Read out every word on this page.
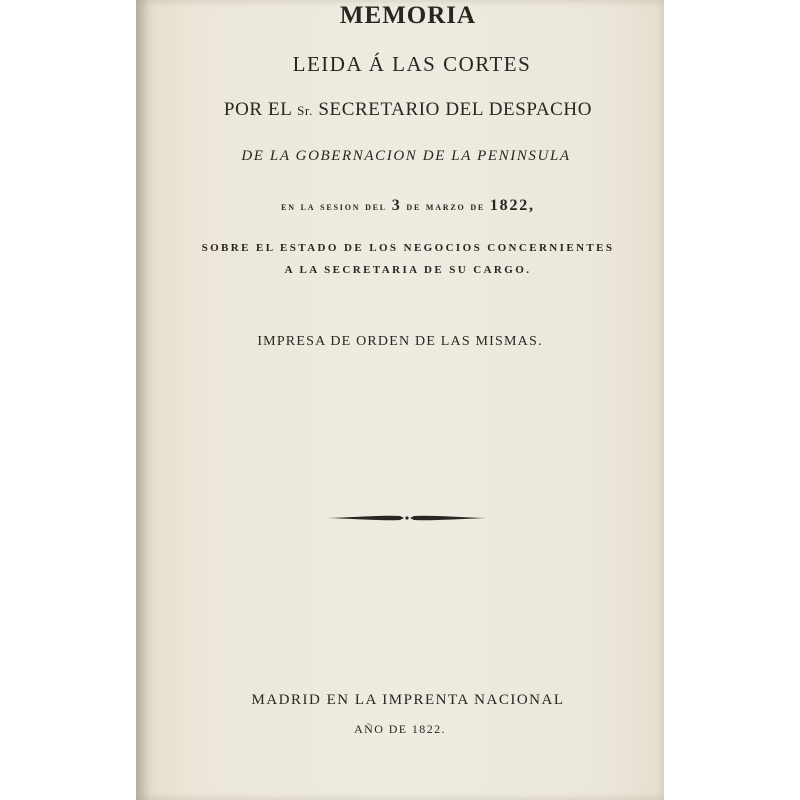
MEMORIA
LEIDA Á LAS CORTES
POR EL Sr. SECRETARIO DEL DESPACHO
DE LA GOBERNACION DE LA PENINSULA
en la sesion del 3 de marzo de 1822,
SOBRE EL ESTADO DE LOS NEGOCIOS CONCERNIENTES
A LA SECRETARIA DE SU CARGO.
IMPRESA DE ORDEN DE LAS MISMAS.
MADRID EN LA IMPRENTA NACIONAL
AÑO DE 1822.
